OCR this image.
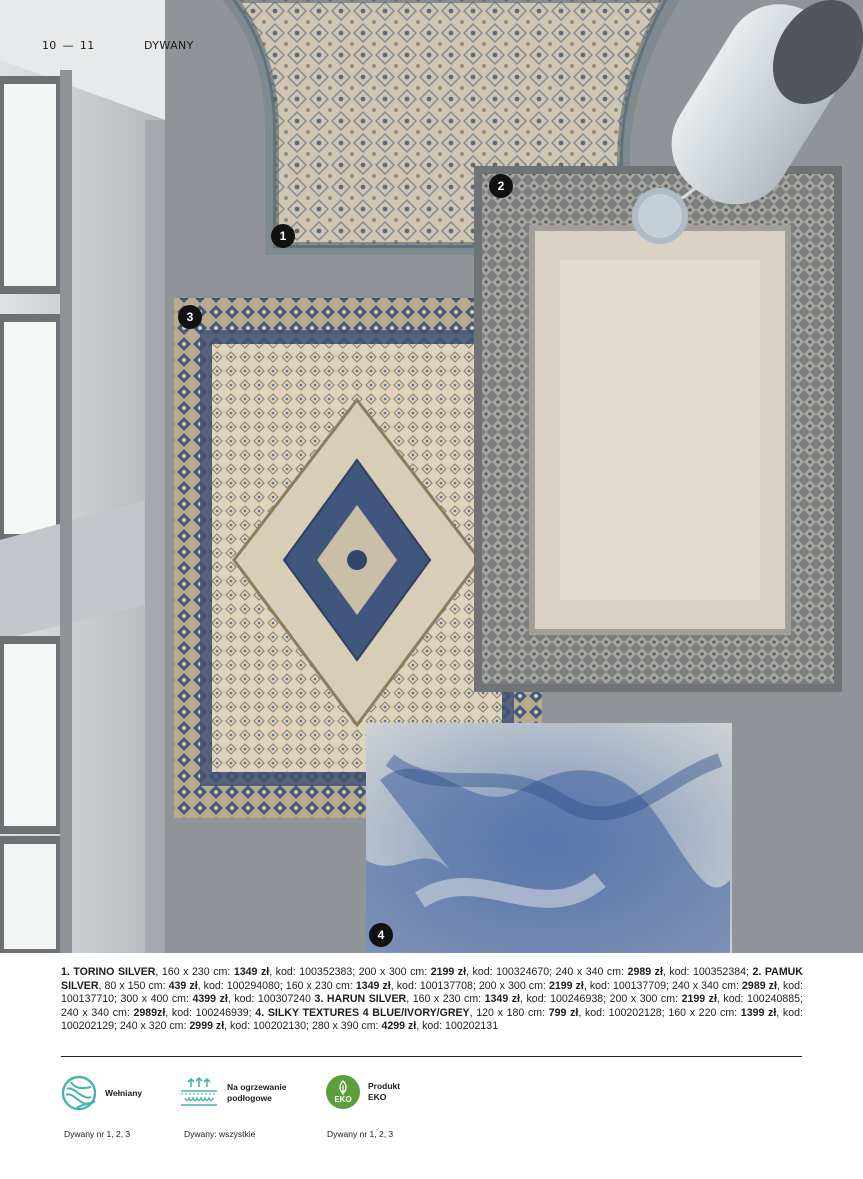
10 — 11	DYWANY
1
2
3
4
1. TORINO SILVER, 160 x 230 cm: 1349 zł, kod: 100352383; 200 x 300 cm: 2199 zł, kod: 100324670; 240 x 340 cm: 2989 zł, kod: 100352384; 2. PAMUK SILVER, 80 x 150 cm: 439 zł, kod: 100294080; 160 x 230 cm: 1349 zł, kod: 100137708; 200 x 300 cm: 2199 zł, kod: 100137709; 240 x 340 cm: 2989 zł, kod: 100137710; 300 x 400 cm: 4399 zł, kod: 100307240 3. HARUN SILVER, 160 x 230 cm: 1349 zł, kod: 100246938; 200 x 300 cm: 2199 zł, kod: 100240885; 240 x 340 cm: 2989zł, kod: 100246939; 4. SILKY TEXTURES 4 BLUE/IVORY/GREY, 120 x 180 cm: 799 zł, kod: 100202128; 160 x 220 cm: 1399 zł, kod: 100202129; 240 x 320 cm: 2999 zł, kod: 100202130; 280 x 390 cm: 4299 zł, kod: 100202131
Wełniany
Dywany nr 1, 2, 3
Na ogrzewanie
podłogowe
Dywany: wszystkie
EKO
Produkt
EKO
Dywany nr 1, 2, 3
